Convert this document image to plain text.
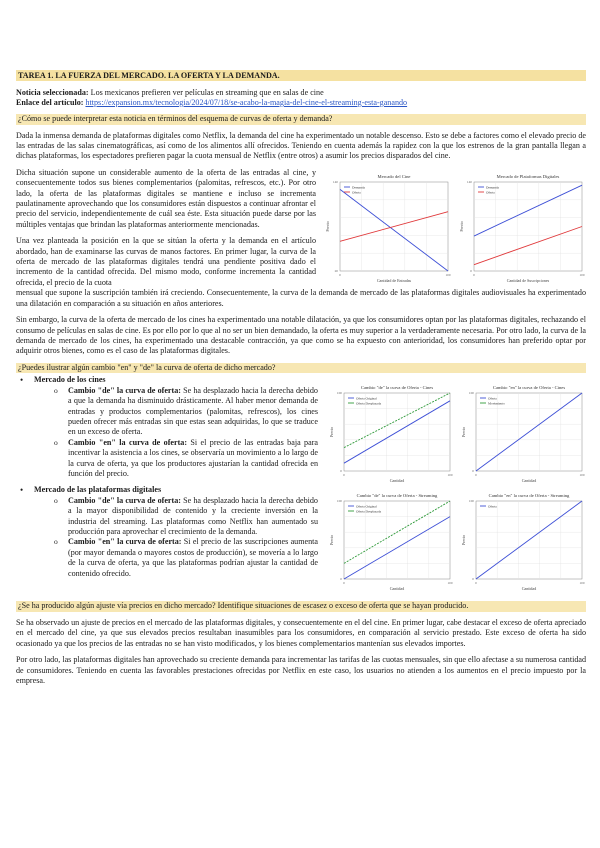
TAREA 1. LA FUERZA DEL MERCADO. LA OFERTA Y LA DEMANDA.
Noticia seleccionada: Los mexicanos prefieren ver películas en streaming que en salas de cine
Enlace del artículo: https://expansion.mx/tecnologia/2024/07/18/se-acabo-la-magia-del-cine-el-streaming-esta-ganando
¿Cómo se puede interpretar esta noticia en términos del esquema de curvas de oferta y demanda?

Dada la inmensa demanda de plataformas digitales como Netflix, la demanda del cine ha experimentado un notable descenso. Esto se debe a factores como el elevado precio de las entradas de las salas cinematográficas, así como de los alimentos allí ofrecidos. Teniendo en cuenta además la rapidez con la que los estrenos de la gran pantalla llegan a dichas plataformas, los espectadores prefieren pagar la cuota mensual de Netflix (entre otros) a asumir los precios disparados del cine.

Dicha situación supone un considerable aumento de la oferta de las entradas al cine, y consecuentemente todos sus bienes complementarios (palomitas, refrescos, etc.). Por otro lado, la oferta de las plataformas digitales se mantiene e incluso se incrementa paulatinamente aprovechando que los consumidores están dispuestos a continuar afrontar el precio del servicio, independientemente de cuál sea éste. Esta situación puede darse por las múltiples ventajas que brindan las plataformas anteriormente mencionadas.

Una vez planteada la posición en la que se sitúan la oferta y la demanda en el artículo abordado, han de examinarse las curvas de manos factores. En primer lugar, la curva de la oferta de mercado de las plataformas digitales tendrá una pendiente positiva dado el incremento de la cantidad ofrecida. Del mismo modo, conforme incrementa la cantidad ofrecida, el precio de la cuota

Mercado del Cine
Cantidad de Entradas
Precio
0	100
20
140
Demanda
Oferta
Mercado de Plataformas Digitales
Cantidad de Suscripciones
Precio
0	100
0
140
Demanda
Oferta

mensual que supone la suscripción también irá creciendo. Consecuentemente, la curva de la demanda de mercado de las plataformas digitales audiovisuales ha experimentado una dilatación en comparación a su situación en años anteriores.

Sin embargo, la curva de la oferta de mercado de los cines ha experimentado una notable dilatación, ya que los consumidores optan por las plataformas digitales, rechazando el consumo de películas en salas de cine. Es por ello por lo que al no ser un bien demandado, la oferta es muy superior a la verdaderamente necesaria. Por otro lado, la curva de la demanda de mercado de los cines, ha experimentado una destacable contracción, ya que como se ha expuesto con anterioridad, los consumidores han preferido optar por adquirir otros bienes, como es el caso de las plataformas digitales.

¿Puedes ilustrar algún cambio "en" y "de" la curva de oferta de dicho mercado?
• Mercado de los cines
o Cambio "de" la curva de oferta: Se ha desplazado hacia la derecha debido a que la demanda ha disminuido drásticamente. Al haber menor demanda de entradas y productos complementarios (palomitas, refrescos), los cines pueden ofrecer más entradas sin que estas sean adquiridas, lo que se traduce en un exceso de oferta.
o Cambio "en" la curva de oferta: Si el precio de las entradas baja para incentivar la asistencia a los cines, se observaría un movimiento a lo largo de la curva de oferta, ya que los productores ajustarían la cantidad ofrecida en función del precio.
• Mercado de las plataformas digitales
o Cambio "de" la curva de oferta: Se ha desplazado hacia la derecha debido a la mayor disponibilidad de contenido y la creciente inversión en la industria del streaming. Las plataformas como Netflix han aumentado su producción para aprovechar el crecimiento de la demanda.
o Cambio "en" la curva de oferta: Si el precio de las suscripciones aumenta (por mayor demanda o mayores costos de producción), se movería a lo largo de la curva de oferta, ya que las plataformas podrían ajustar la cantidad de contenido ofrecido.
Cambio "de" la curva de Oferta - Cines
Cantidad
Precio
0	100
0
100
Oferta Original
Oferta Desplazada
Cambio "en" la curva de Oferta - Cines
Cantidad
Precio
0	100
0
100
Oferta
Movimiento
Cambio "de" la curva de Oferta - Streaming
Cantidad
Precio
0	100
0
100
Oferta Original
Oferta Desplazada
Cambio "en" la curva de Oferta - Streaming
Cantidad
Precio
0	100
0
100
Oferta
¿Se ha producido algún ajuste vía precios en dicho mercado? Identifique situaciones de escasez o exceso de oferta que se hayan producido.

Se ha observado un ajuste de precios en el mercado de las plataformas digitales, y consecuentemente en el del cine. En primer lugar, cabe destacar el exceso de oferta apreciado en el mercado del cine, ya que sus elevados precios resultaban inasumibles para los consumidores, en comparación al servicio prestado. Este exceso de oferta ha sido ocasionado ya que los precios de las entradas no se han visto modificados, y los bienes complementarios mantenían sus elevados importes.

Por otro lado, las plataformas digitales han aprovechado su creciente demanda para incrementar las tarifas de las cuotas mensuales, sin que ello afectase a su numerosa cantidad de consumidores. Teniendo en cuenta las favorables prestaciones ofrecidas por Netflix en este caso, los usuarios no atienden a los aumentos en el precio impuesto por la empresa.
